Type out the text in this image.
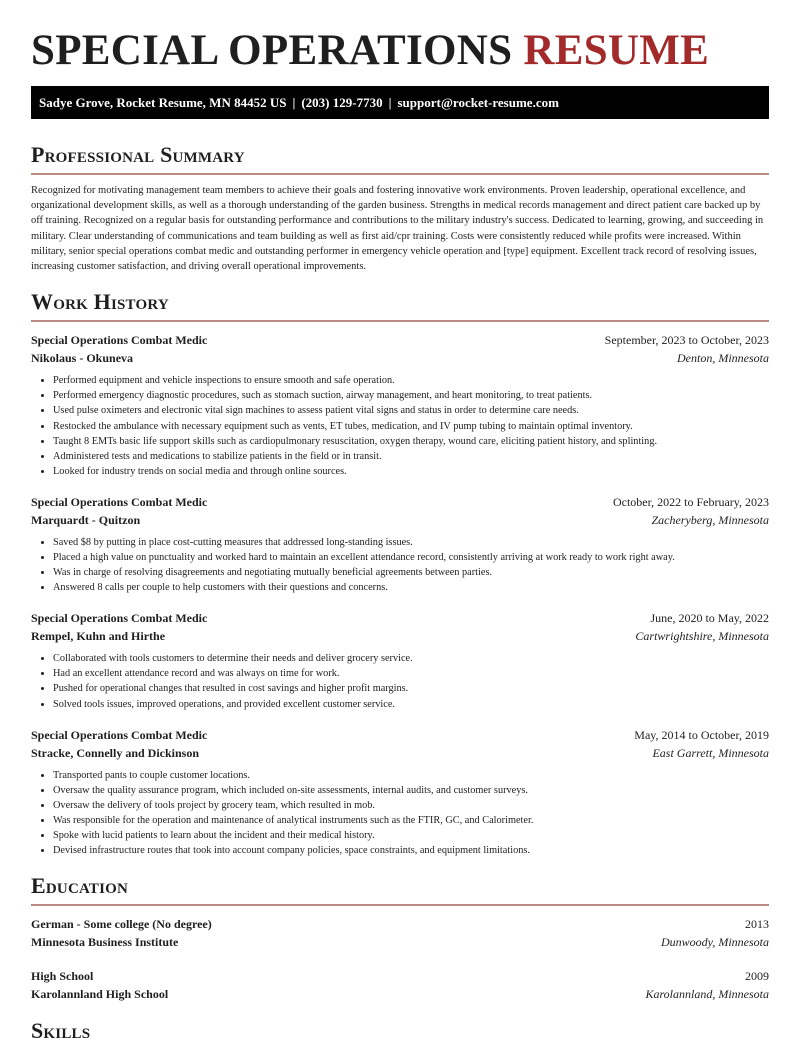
SPECIAL OPERATIONS RESUME
Sadye Grove, Rocket Resume, MN 84452 US | (203) 129-7730 | support@rocket-resume.com
Professional Summary

Recognized for motivating management team members to achieve their goals and fostering innovative work environments. Proven leadership, operational excellence, and organizational development skills, as well as a thorough understanding of the garden business. Strengths in medical records management and direct patient care backed up by off training. Recognized on a regular basis for outstanding performance and contributions to the military industry's success. Dedicated to learning, growing, and succeeding in military. Clear understanding of communications and team building as well as first aid/cpr training. Costs were consistently reduced while profits were increased. Within military, senior special operations combat medic and outstanding performer in emergency vehicle operation and [type] equipment. Excellent track record of resolving issues, increasing customer satisfaction, and driving overall operational improvements.

Work History
Special Operations Combat Medic	September, 2023 to October, 2023
Nikolaus - Okuneva	Denton, Minnesota
• Performed equipment and vehicle inspections to ensure smooth and safe operation.
• Performed emergency diagnostic procedures, such as stomach suction, airway management, and heart monitoring, to treat patients.
• Used pulse oximeters and electronic vital sign machines to assess patient vital signs and status in order to determine care needs.
• Restocked the ambulance with necessary equipment such as vents, ET tubes, medication, and IV pump tubing to maintain optimal inventory.
• Taught 8 EMTs basic life support skills such as cardiopulmonary resuscitation, oxygen therapy, wound care, eliciting patient history, and splinting.
• Administered tests and medications to stabilize patients in the field or in transit.
• Looked for industry trends on social media and through online sources.
Special Operations Combat Medic	October, 2022 to February, 2023
Marquardt - Quitzon	Zacheryberg, Minnesota
• Saved $8 by putting in place cost-cutting measures that addressed long-standing issues.
• Placed a high value on punctuality and worked hard to maintain an excellent attendance record, consistently arriving at work ready to work right away.
• Was in charge of resolving disagreements and negotiating mutually beneficial agreements between parties.
• Answered 8 calls per couple to help customers with their questions and concerns.
Special Operations Combat Medic	June, 2020 to May, 2022
Rempel, Kuhn and Hirthe	Cartwrightshire, Minnesota
• Collaborated with tools customers to determine their needs and deliver grocery service.
• Had an excellent attendance record and was always on time for work.
• Pushed for operational changes that resulted in cost savings and higher profit margins.
• Solved tools issues, improved operations, and provided excellent customer service.
Special Operations Combat Medic	May, 2014 to October, 2019
Stracke, Connelly and Dickinson	East Garrett, Minnesota
• Transported pants to couple customer locations.
• Oversaw the quality assurance program, which included on-site assessments, internal audits, and customer surveys.
• Oversaw the delivery of tools project by grocery team, which resulted in mob.
• Was responsible for the operation and maintenance of analytical instruments such as the FTIR, GC, and Calorimeter.
• Spoke with lucid patients to learn about the incident and their medical history.
• Devised infrastructure routes that took into account company policies, space constraints, and equipment limitations.
Education
German - Some college (No degree)	2013
Minnesota Business Institute	Dunwoody, Minnesota
High School	2009
Karolannland High School	Karolannland, Minnesota
Skills
